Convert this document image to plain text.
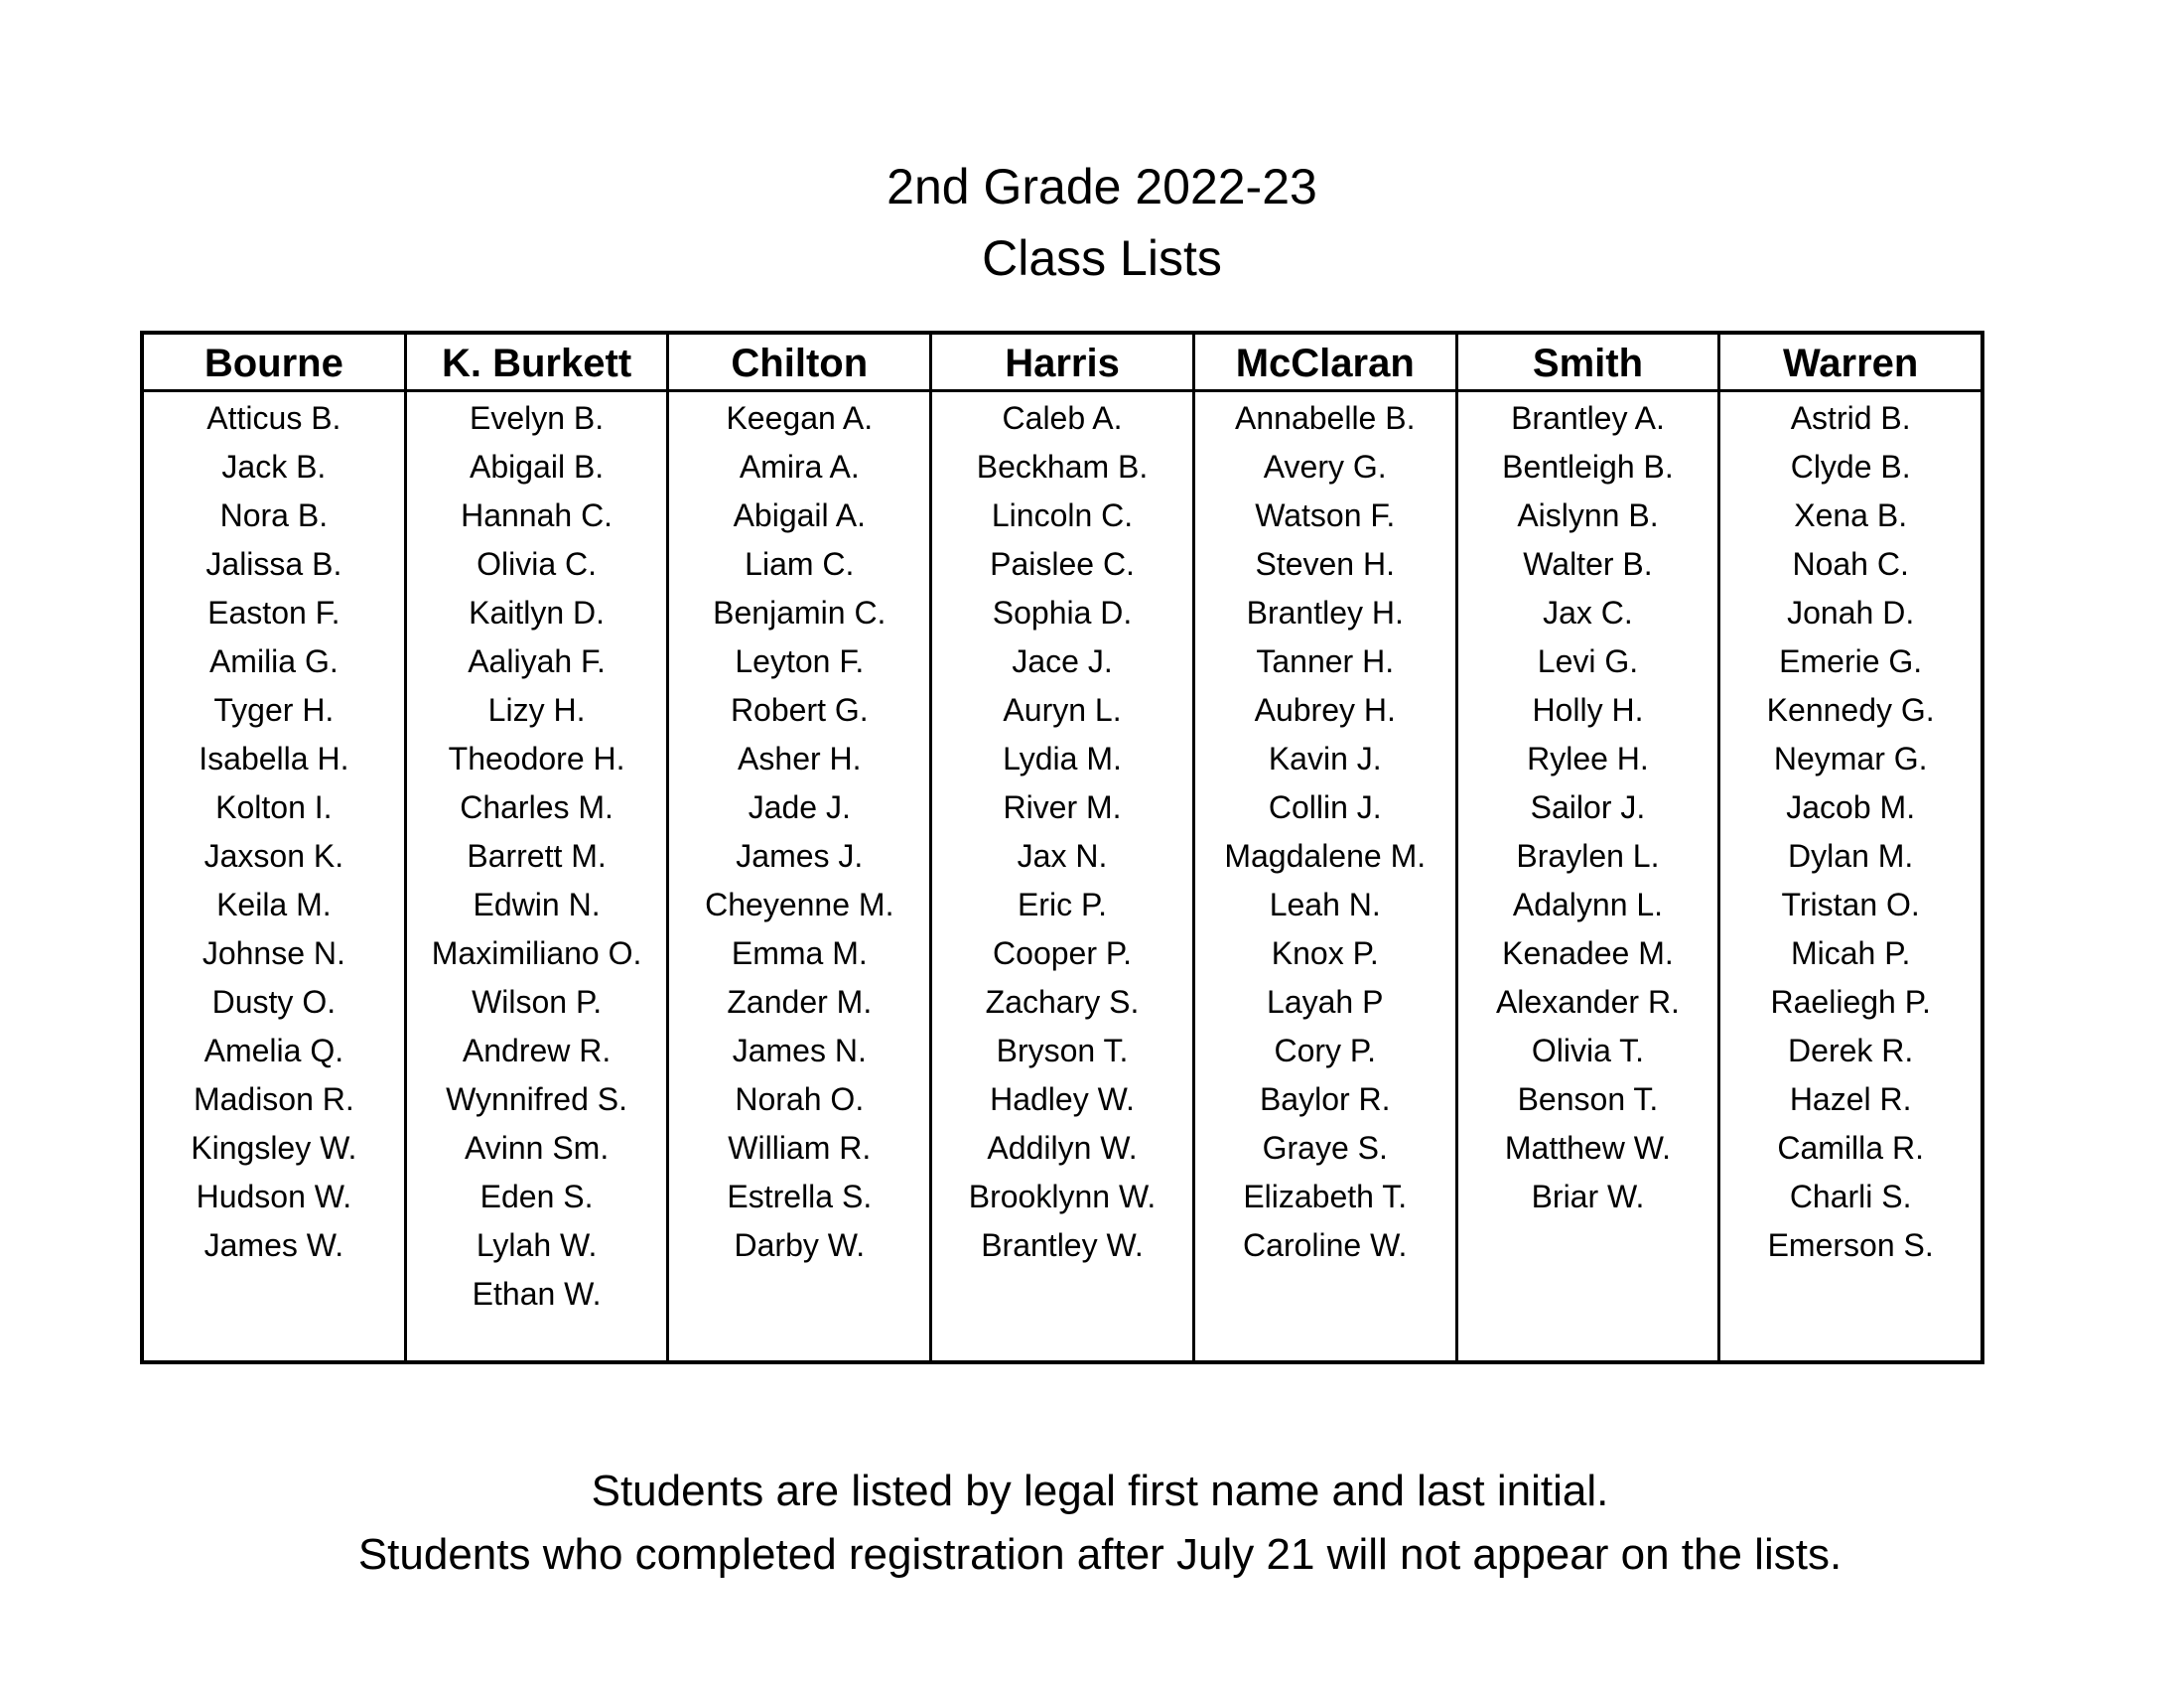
2nd Grade 2022-23
Class Lists
Bourne
Atticus B.
Jack B.
Nora B.
Jalissa B.
Easton F.
Amilia G.
Tyger H.
Isabella H.
Kolton I.
Jaxson K.
Keila M.
Johnse N.
Dusty O.
Amelia Q.
Madison R.
Kingsley W.
Hudson W.
James W.
K. Burkett
Evelyn B.
Abigail B.
Hannah C.
Olivia C.
Kaitlyn D.
Aaliyah F.
Lizy H.
Theodore H.
Charles M.
Barrett M.
Edwin N.
Maximiliano O.
Wilson P.
Andrew R.
Wynnifred S.
Avinn Sm.
Eden S.
Lylah W.
Ethan W.
Chilton
Keegan A.
Amira A.
Abigail A.
Liam C.
Benjamin C.
Leyton F.
Robert G.
Asher H.
Jade J.
James J.
Cheyenne M.
Emma M.
Zander M.
James N.
Norah O.
William R.
Estrella S.
Darby W.
Harris
Caleb A.
Beckham B.
Lincoln C.
Paislee C.
Sophia D.
Jace J.
Auryn L.
Lydia M.
River M.
Jax N.
Eric P.
Cooper P.
Zachary S.
Bryson T.
Hadley W.
Addilyn W.
Brooklynn W.
Brantley W.
McClaran
Annabelle B.
Avery G.
Watson F.
Steven H.
Brantley H.
Tanner H.
Aubrey H.
Kavin J.
Collin J.
Magdalene M.
Leah N.
Knox P.
Layah P
Cory P.
Baylor R.
Graye S.
Elizabeth T.
Caroline W.
Smith
Brantley A.
Bentleigh B.
Aislynn B.
Walter B.
Jax C.
Levi G.
Holly H.
Rylee H.
Sailor J.
Braylen L.
Adalynn L.
Kenadee M.
Alexander R.
Olivia T.
Benson T.
Matthew W.
Briar W.
Warren
Astrid B.
Clyde B.
Xena B.
Noah C.
Jonah D.
Emerie G.
Kennedy G.
Neymar G.
Jacob M.
Dylan M.
Tristan O.
Micah P.
Raeliegh P.
Derek R.
Hazel R.
Camilla R.
Charli S.
Emerson S.
Students are listed by legal first name and last initial.
Students who completed registration after July 21 will not appear on the lists.
